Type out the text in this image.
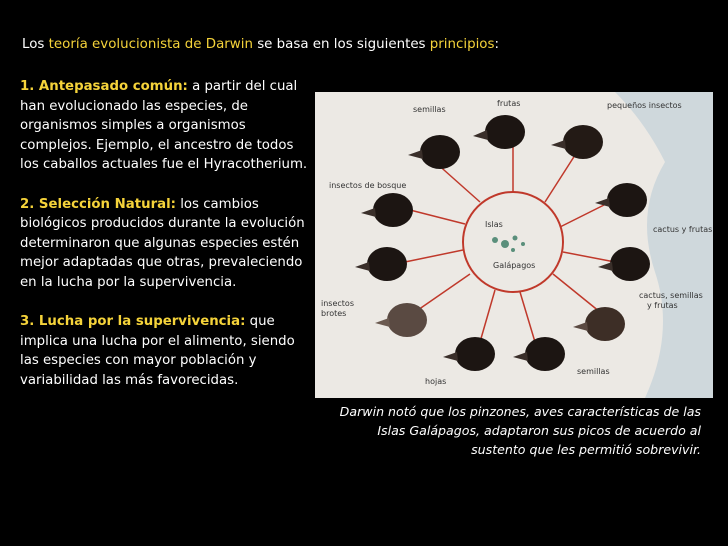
Los teoría evolucionista de Darwin se basa en los siguientes principios:

1. Antepasado común: a partir del cual han evolucionado las especies, de organismos simples a organismos complejos. Ejemplo, el ancestro de todos los caballos actuales fue el Hyracotherium.

2. Selección Natural: los cambios biológicos producidos durante la evolución determinaron que algunas especies estén mejor adaptadas que otras, prevaleciendo en la lucha por la supervivencia.

3. Lucha por la supervivencia: que implica una lucha por el alimento, siendo las especies con mayor población y variabilidad las más favorecidas.

Islas
Galápagos
frutas
semillas	pequeños insectos
insectos de bosque
cactus y frutas
insectos
brotes
cactus, semillas
y frutas
semillas
hojas
Darwin notó que los pinzones, aves características de las Islas Galápagos, adaptaron sus picos de acuerdo al sustento que les permitió sobrevivir.
